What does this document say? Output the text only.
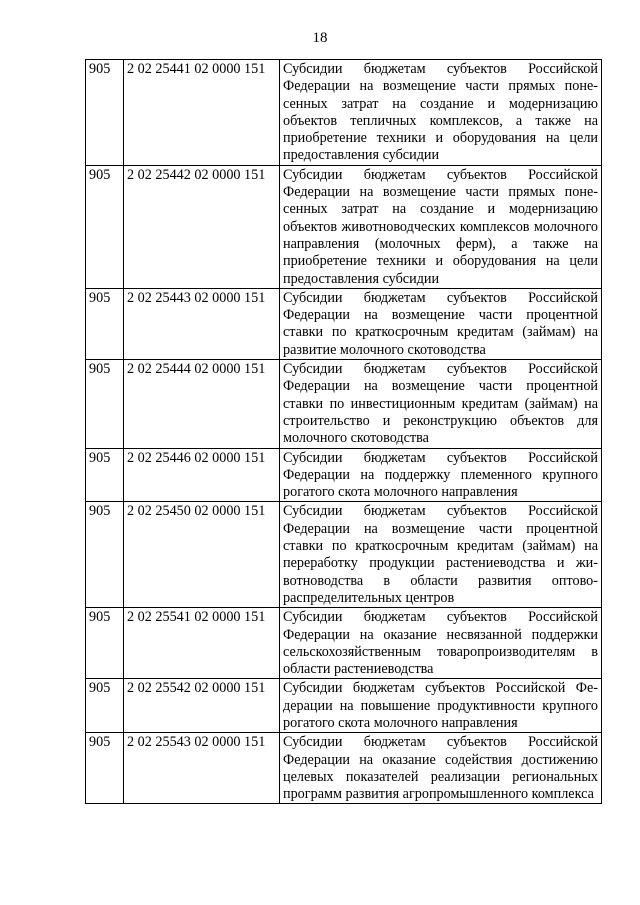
18
905	2 02 25441 02 0000 151	Субсидии бюджетам субъектов Российской Федерации на возмещение части прямых понесенных затрат на создание и модернизацию объектов тепличных комплексов, а также на приобретение техники и оборудования на цели предоставления субсидии
905	2 02 25442 02 0000 151	Субсидии бюджетам субъектов Российской Федерации на возмещение части прямых понесенных затрат на создание и модернизацию объектов животноводческих комплексов молочного направления (молочных ферм), а также на приобретение техники и оборудования на цели предоставления субсидии
905	2 02 25443 02 0000 151	Субсидии бюджетам субъектов Российской Федерации на возмещение части процентной ставки по краткосрочным кредитам (займам) на развитие молочного скотоводства
905	2 02 25444 02 0000 151	Субсидии бюджетам субъектов Российской Федерации на возмещение части процентной ставки по инвестиционным кредитам (займам) на строительство и реконструкцию объектов для молочного скотоводства
905	2 02 25446 02 0000 151	Субсидии бюджетам субъектов Российской Федерации на поддержку племенного крупного рогатого скота молочного направления
905	2 02 25450 02 0000 151	Субсидии бюджетам субъектов Российской Федерации на возмещение части процентной ставки по краткосрочным кредитам (займам) на переработку продукции растениеводства и животноводства в области развития оптово-распределительных центров
905	2 02 25541 02 0000 151	Субсидии бюджетам субъектов Российской Федерации на оказание несвязанной поддержки сельскохозяйственным товаропроизводителям в области растениеводства
905	2 02 25542 02 0000 151	Субсидии бюджетам субъектов Российской Федерации на повышение продуктивности крупного рогатого скота молочного направления
905	2 02 25543 02 0000 151	Субсидии бюджетам субъектов Российской Федерации на оказание содействия достижению целевых показателей реализации региональных программ развития агропромышленного комплекса
